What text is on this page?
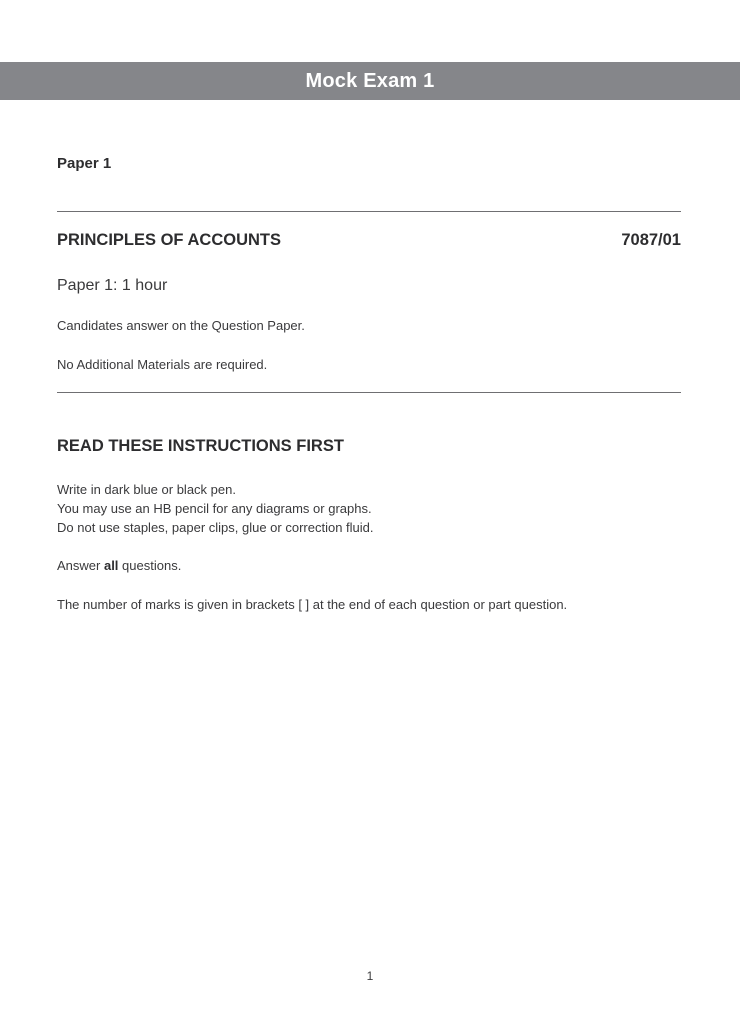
Mock Exam 1
Paper 1
PRINCIPLES OF ACCOUNTS	7087/01
Paper 1: 1 hour
Candidates answer on the Question Paper.
No Additional Materials are required.
READ THESE INSTRUCTIONS FIRST
Write in dark blue or black pen.
You may use an HB pencil for any diagrams or graphs.
Do not use staples, paper clips, glue or correction fluid.
Answer all questions.
The number of marks is given in brackets [ ] at the end of each question or part question.
1
